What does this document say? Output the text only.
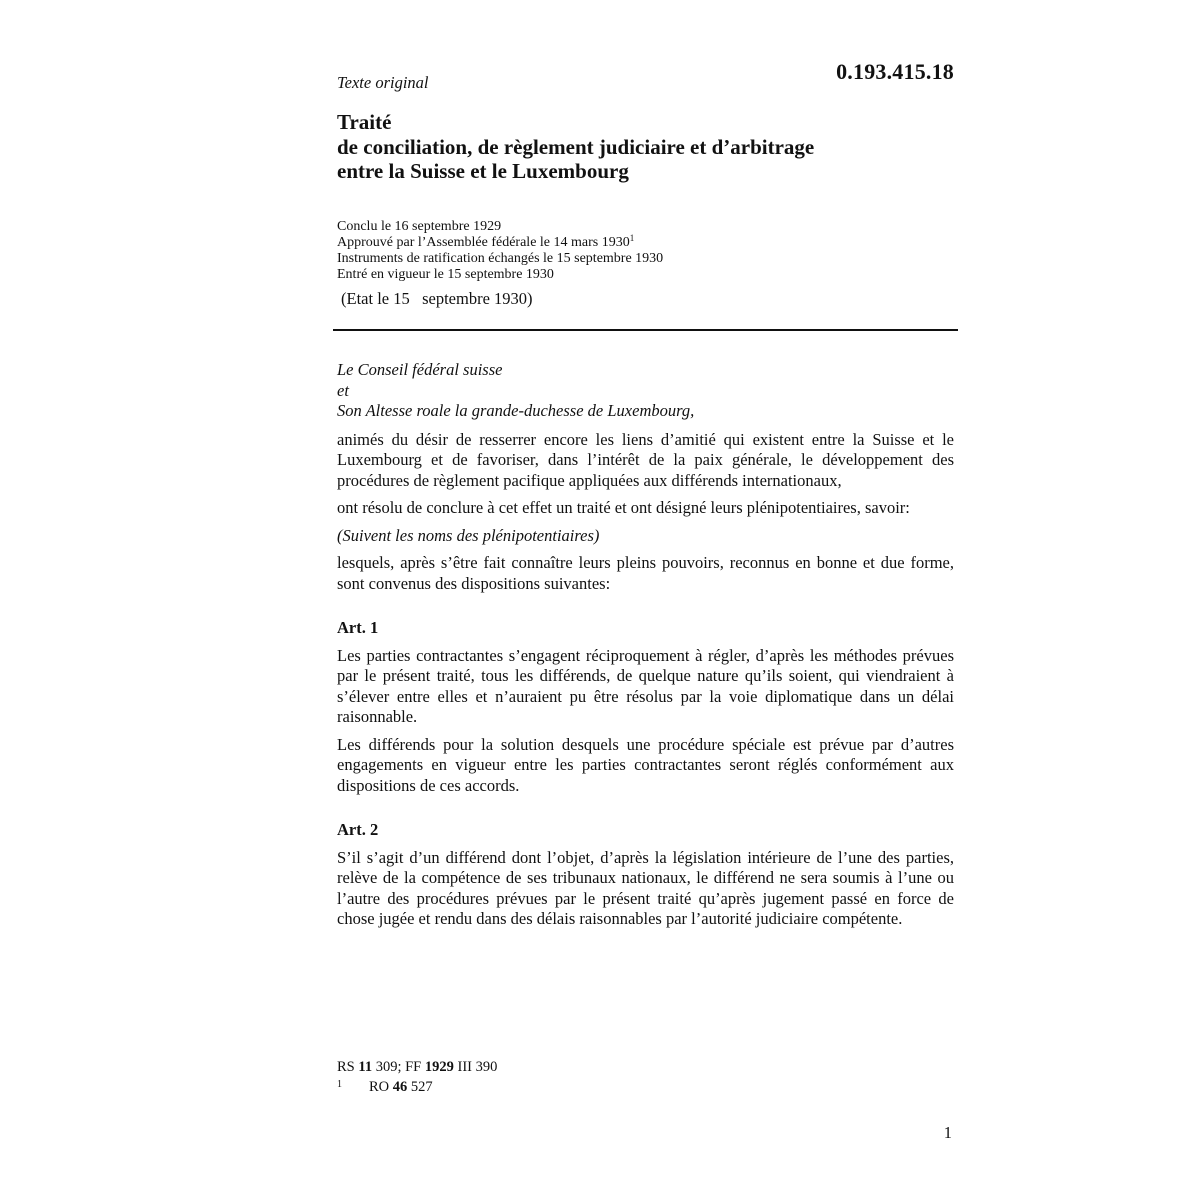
0.193.415.18
Texte original
Traité
de conciliation, de règlement judiciaire et d’arbitrage
entre la Suisse et le Luxembourg
Conclu le 16 septembre 1929
Approuvé par l’Assemblée fédérale le 14 mars 1930$^1$
Instruments de ratification échangés le 15 septembre 1930
Entré en vigueur le 15 septembre 1930
(Etat le 15   septembre 1930)
Le Conseil fédéral suisse
et
Son Altesse roale la grande-duchesse de Luxembourg,

animés du désir de resserrer encore les liens d’amitié qui existent entre la Suisse et le Luxembourg et de favoriser, dans l’intérêt de la paix générale, le développement des procédures de règlement pacifique appliquées aux différends internationaux,

ont résolu de conclure à cet effet un traité et ont désigné leurs plénipotentiaires, savoir:

(Suivent les noms des plénipotentiaires)

lesquels, après s’être fait connaître leurs pleins pouvoirs, reconnus en bonne et due forme, sont convenus des dispositions suivantes:

Art. 1

Les parties contractantes s’engagent réciproquement à régler, d’après les méthodes prévues par le présent traité, tous les différends, de quelque nature qu’ils soient, qui viendraient à s’élever entre elles et n’auraient pu être résolus par la voie diplomatique dans un délai raisonnable.

Les différends pour la solution desquels une procédure spéciale est prévue par d’autres engagements en vigueur entre les parties contractantes seront réglés conformément aux dispositions de ces accords.

Art. 2

S’il s’agit d’un différend dont l’objet, d’après la législation intérieure de l’une des parties, relève de la compétence de ses tribunaux nationaux, le différend ne sera soumis à l’une ou l’autre des procédures prévues par le présent traité qu’après jugement passé en force de chose jugée et rendu dans des délais raisonnables par l’autorité judiciaire compétente.

RS 11 309; FF 1929 III 390
1 RO 46 527
1
